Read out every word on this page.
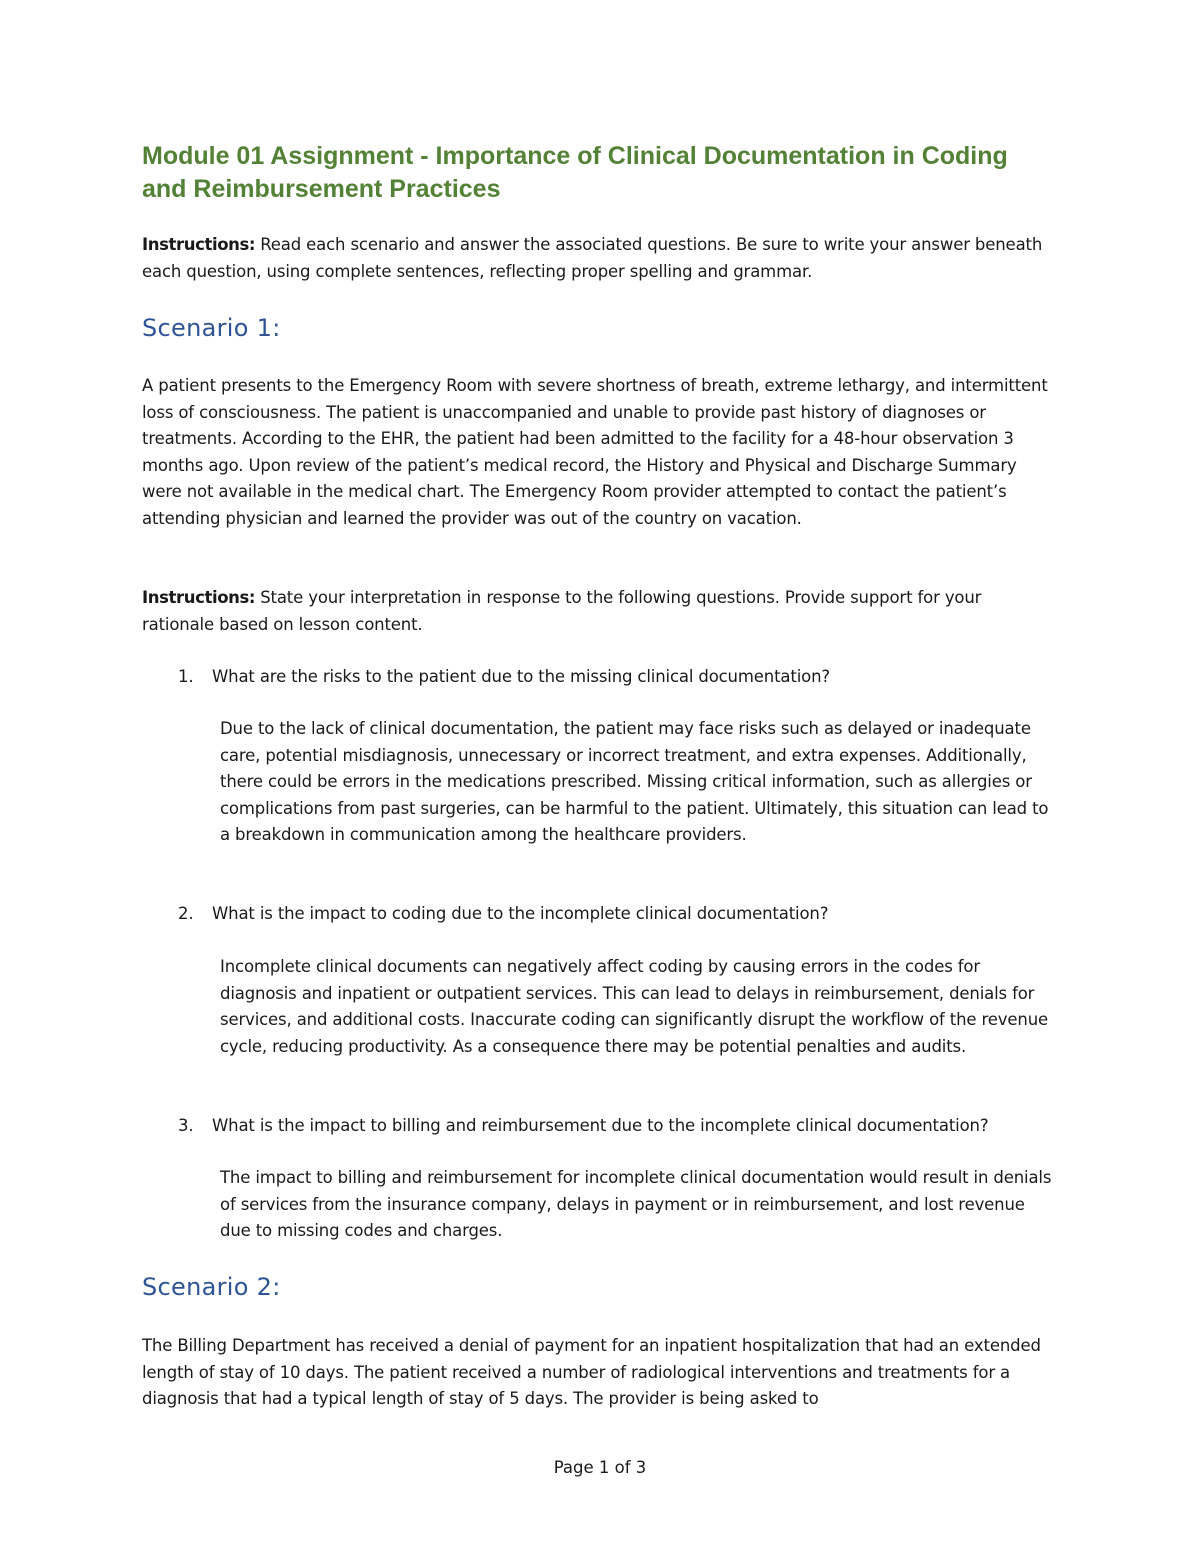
Module 01 Assignment - Importance of Clinical Documentation in Coding and Reimbursement Practices

Instructions: Read each scenario and answer the associated questions. Be sure to write your answer beneath each question, using complete sentences, reflecting proper spelling and grammar.

Scenario 1:

A patient presents to the Emergency Room with severe shortness of breath, extreme lethargy, and intermittent loss of consciousness. The patient is unaccompanied and unable to provide past history of diagnoses or treatments. According to the EHR, the patient had been admitted to the facility for a 48-hour observation 3 months ago. Upon review of the patient’s medical record, the History and Physical and Discharge Summary were not available in the medical chart. The Emergency Room provider attempted to contact the patient’s attending physician and learned the provider was out of the country on vacation.

Instructions: State your interpretation in response to the following questions. Provide support for your rationale based on lesson content.

1. What are the risks to the patient due to the missing clinical documentation?

Due to the lack of clinical documentation, the patient may face risks such as delayed or inadequate care, potential misdiagnosis, unnecessary or incorrect treatment, and extra expenses. Additionally, there could be errors in the medications prescribed. Missing critical information, such as allergies or complications from past surgeries, can be harmful to the patient. Ultimately, this situation can lead to a breakdown in communication among the healthcare providers.

2. What is the impact to coding due to the incomplete clinical documentation?

Incomplete clinical documents can negatively affect coding by causing errors in the codes for diagnosis and inpatient or outpatient services. This can lead to delays in reimbursement, denials for services, and additional costs. Inaccurate coding can significantly disrupt the workflow of the revenue cycle, reducing productivity. As a consequence there may be potential penalties and audits.

3. What is the impact to billing and reimbursement due to the incomplete clinical documentation?

The impact to billing and reimbursement for incomplete clinical documentation would result in denials of services from the insurance company, delays in payment or in reimbursement, and lost revenue due to missing codes and charges.

Scenario 2:

The Billing Department has received a denial of payment for an inpatient hospitalization that had an extended length of stay of 10 days. The patient received a number of radiological interventions and treatments for a diagnosis that had a typical length of stay of 5 days. The provider is being asked to

Page 1 of 3
